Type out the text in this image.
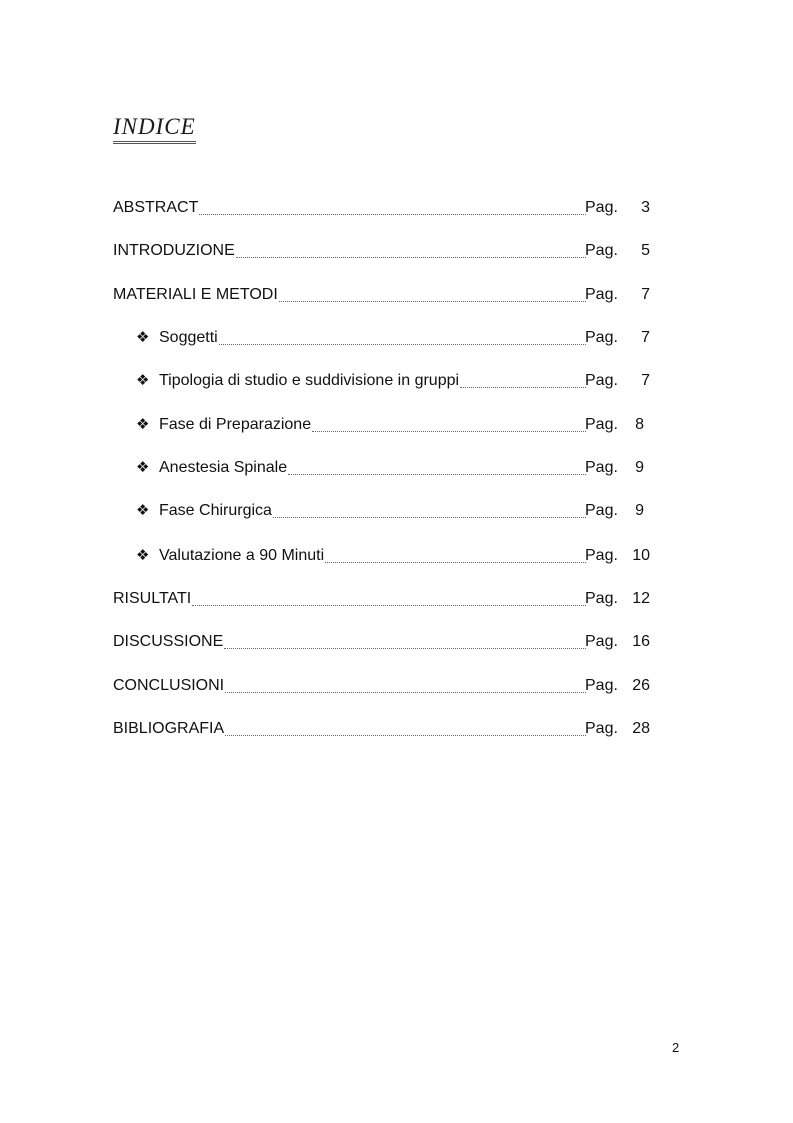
INDICE
ABSTRACT	Pag.	3
INTRODUZIONE	Pag.	5
MATERIALI E METODI	Pag.	7
❖ Soggetti	Pag.	7
❖ Tipologia di studio e suddivisione in gruppi	Pag.	7
❖ Fase di Preparazione	Pag.	8
❖ Anestesia Spinale	Pag.	9
❖ Fase Chirurgica	Pag.	9
❖ Valutazione a 90 Minuti	Pag. 10
RISULTATI	Pag. 12
DISCUSSIONE	Pag. 16
CONCLUSIONI	Pag. 26
BIBLIOGRAFIA	Pag. 28
2
